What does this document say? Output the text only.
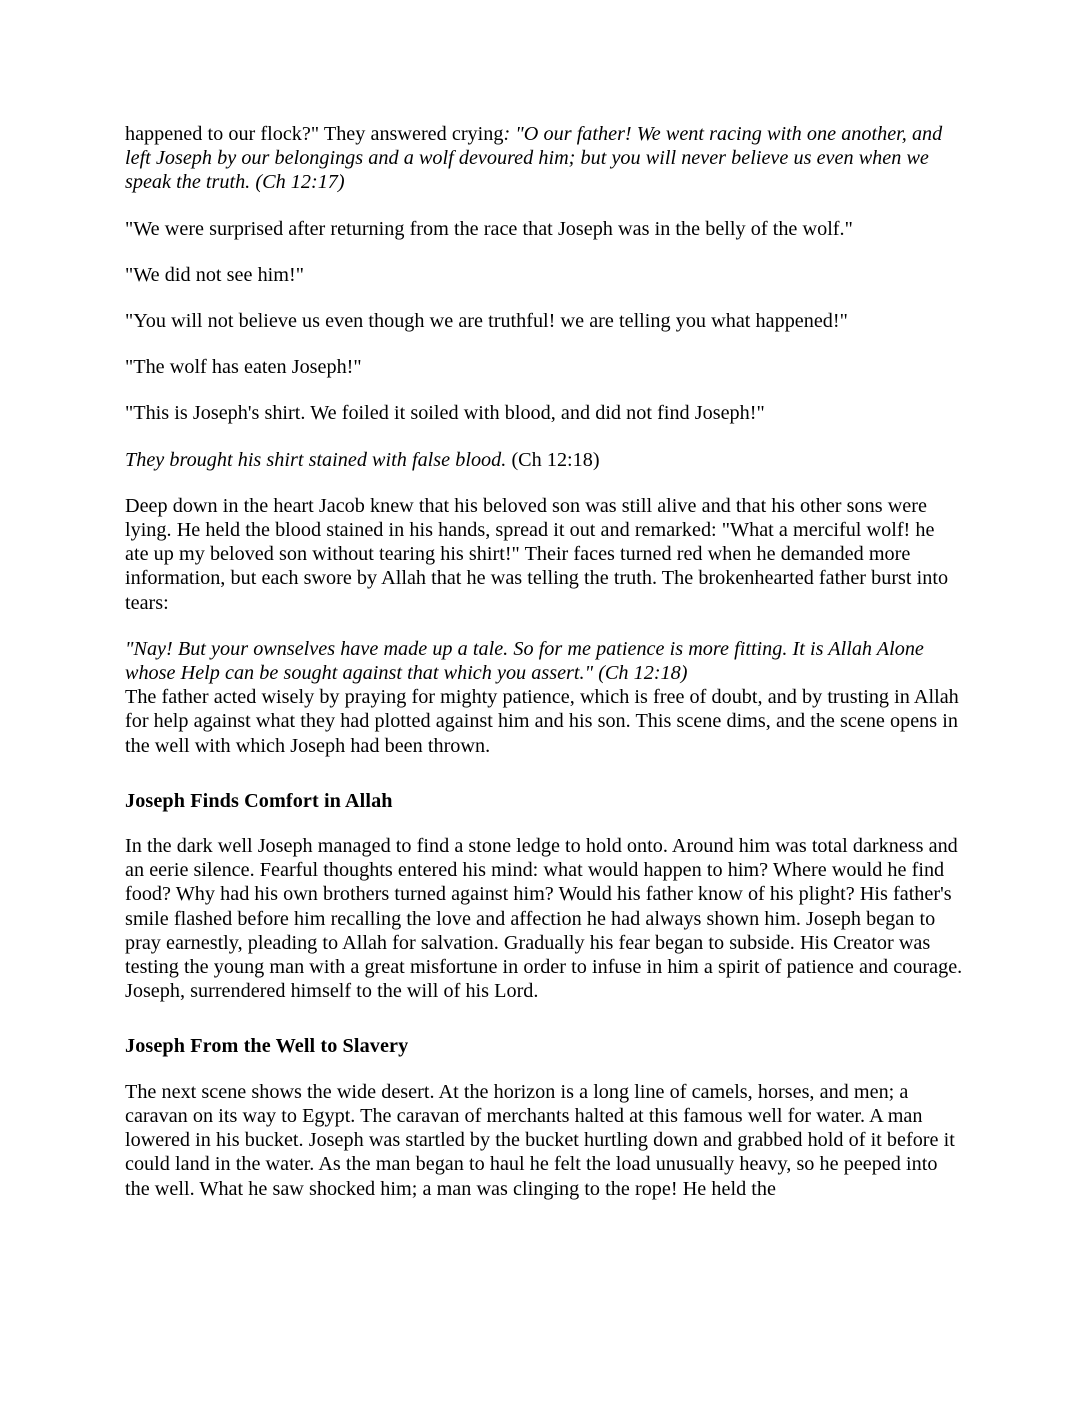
happened to our flock?" They answered crying: "O our father! We went racing with one another, and left Joseph by our belongings and a wolf devoured him; but you will never believe us even when we speak the truth. (Ch 12:17)

"We were surprised after returning from the race that Joseph was in the belly of the wolf."

"We did not see him!"

"You will not believe us even though we are truthful! we are telling you what happened!"

"The wolf has eaten Joseph!"

"This is Joseph's shirt. We foiled it soiled with blood, and did not find Joseph!"

They brought his shirt stained with false blood. (Ch 12:18)

Deep down in the heart Jacob knew that his beloved son was still alive and that his other sons were lying. He held the blood stained in his hands, spread it out and remarked: "What a merciful wolf! he ate up my beloved son without tearing his shirt!" Their faces turned red when he demanded more information, but each swore by Allah that he was telling the truth. The brokenhearted father burst into tears:

"Nay! But your ownselves have made up a tale. So for me patience is more fitting. It is Allah Alone whose Help can be sought against that which you assert." (Ch 12:18)

The father acted wisely by praying for mighty patience, which is free of doubt, and by trusting in Allah for help against what they had plotted against him and his son. This scene dims, and the scene opens in the well with which Joseph had been thrown.

Joseph Finds Comfort in Allah

In the dark well Joseph managed to find a stone ledge to hold onto. Around him was total darkness and an eerie silence. Fearful thoughts entered his mind: what would happen to him? Where would he find food? Why had his own brothers turned against him? Would his father know of his plight? His father's smile flashed before him recalling the love and affection he had always shown him. Joseph began to pray earnestly, pleading to Allah for salvation. Gradually his fear began to subside. His Creator was testing the young man with a great misfortune in order to infuse in him a spirit of patience and courage. Joseph, surrendered himself to the will of his Lord.

Joseph From the Well to Slavery

The next scene shows the wide desert. At the horizon is a long line of camels, horses, and men; a caravan on its way to Egypt. The caravan of merchants halted at this famous well for water. A man lowered in his bucket. Joseph was startled by the bucket hurtling down and grabbed hold of it before it could land in the water. As the man began to haul he felt the load unusually heavy, so he peeped into the well. What he saw shocked him; a man was clinging to the rope! He held the
